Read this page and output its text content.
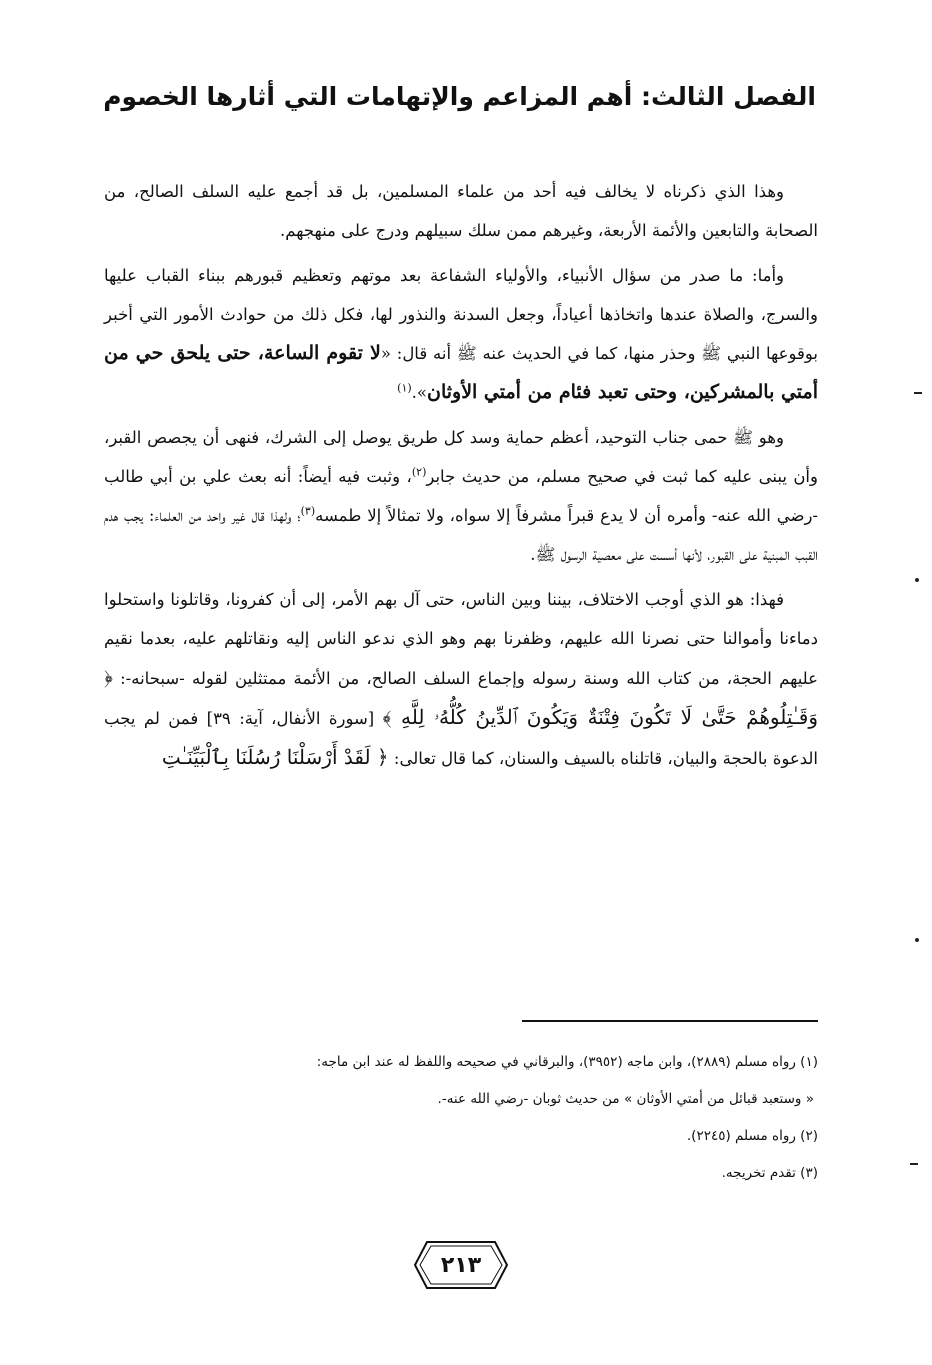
الفصل الثالث: أهم المزاعم والإتهامات التي أثارها الخصوم

وهذا الذي ذكرناه لا يخالف فيه أحد من علماء المسلمين، بل قد أجمع عليه السلف الصالح، من الصحابة والتابعين والأئمة الأربعة، وغيرهم ممن سلك سبيلهم ودرج على منهجهم.

وأما: ما صدر من سؤال الأنبياء، والأولياء الشفاعة بعد موتهم وتعظيم قبورهم ببناء القباب عليها والسرج، والصلاة عندها واتخاذها أعياداً، وجعل السدنة والنذور لها، فكل ذلك من حوادث الأمور التي أخبر بوقوعها النبي ﷺ وحذر منها، كما في الحديث عنه ﷺ أنه قال: «لا تقوم الساعة، حتى يلحق حي من أمتي بالمشركين، وحتى تعبد فئام من أمتي الأوثان».$^{(١)}$

وهو ﷺ حمى جناب التوحيد، أعظم حماية وسد كل طريق يوصل إلى الشرك، فنهى أن يجصص القبر، وأن يبنى عليه كما ثبت في صحيح مسلم، من حديث جابر$^{(٢)}$، وثبت فيه أيضاً: أنه بعث علي بن أبي طالب -رضي الله عنه- وأمره أن لا يدع قبراً مشرفاً إلا سواه، ولا تمثالاً إلا طمسه$^{(٣)}$؛ ولهذا قال غير واحد من العلماء: يجب هدم القبب المبنية على القبور، لأنها أسست على معصية الرسول ﷺ.

فهذا: هو الذي أوجب الاختلاف، بيننا وبين الناس، حتى آل بهم الأمر، إلى أن كفرونا، وقاتلونا واستحلوا دماءنا وأموالنا حتى نصرنا الله عليهم، وظفرنا بهم وهو الذي ندعو الناس إليه ونقاتلهم عليه، بعدما نقيم عليهم الحجة، من كتاب الله وسنة رسوله وإجماع السلف الصالح، من الأئمة ممتثلين لقوله -سبحانه-: ﴿ وَقَـٰتِلُوهُمْ حَتَّىٰ لَا تَكُونَ فِتْنَةٌ وَيَكُونَ ٱلدِّينُ كُلُّهُۥ لِلَّهِ ﴾ [سورة الأنفال، آية: ٣٩] فمن لم يجب الدعوة بالحجة والبيان، قاتلناه بالسيف والسنان، كما قال تعالى: ﴿ لَقَدْ أَرْسَلْنَا رُسُلَنَا بِٱلْبَيِّنَـٰتِ

(١) رواه مسلم (٢٨٨٩)، وابن ماجه (٣٩٥٢)، والبرقاني في صحيحه واللفظ له عند ابن ماجه:
« وستعبد قبائل من أمتي الأوثان » من حديث ثوبان -رضي الله عنه-.
(٢) رواه مسلم (٢٢٤٥).
(٣) تقدم تخريجه.
٢١٣
